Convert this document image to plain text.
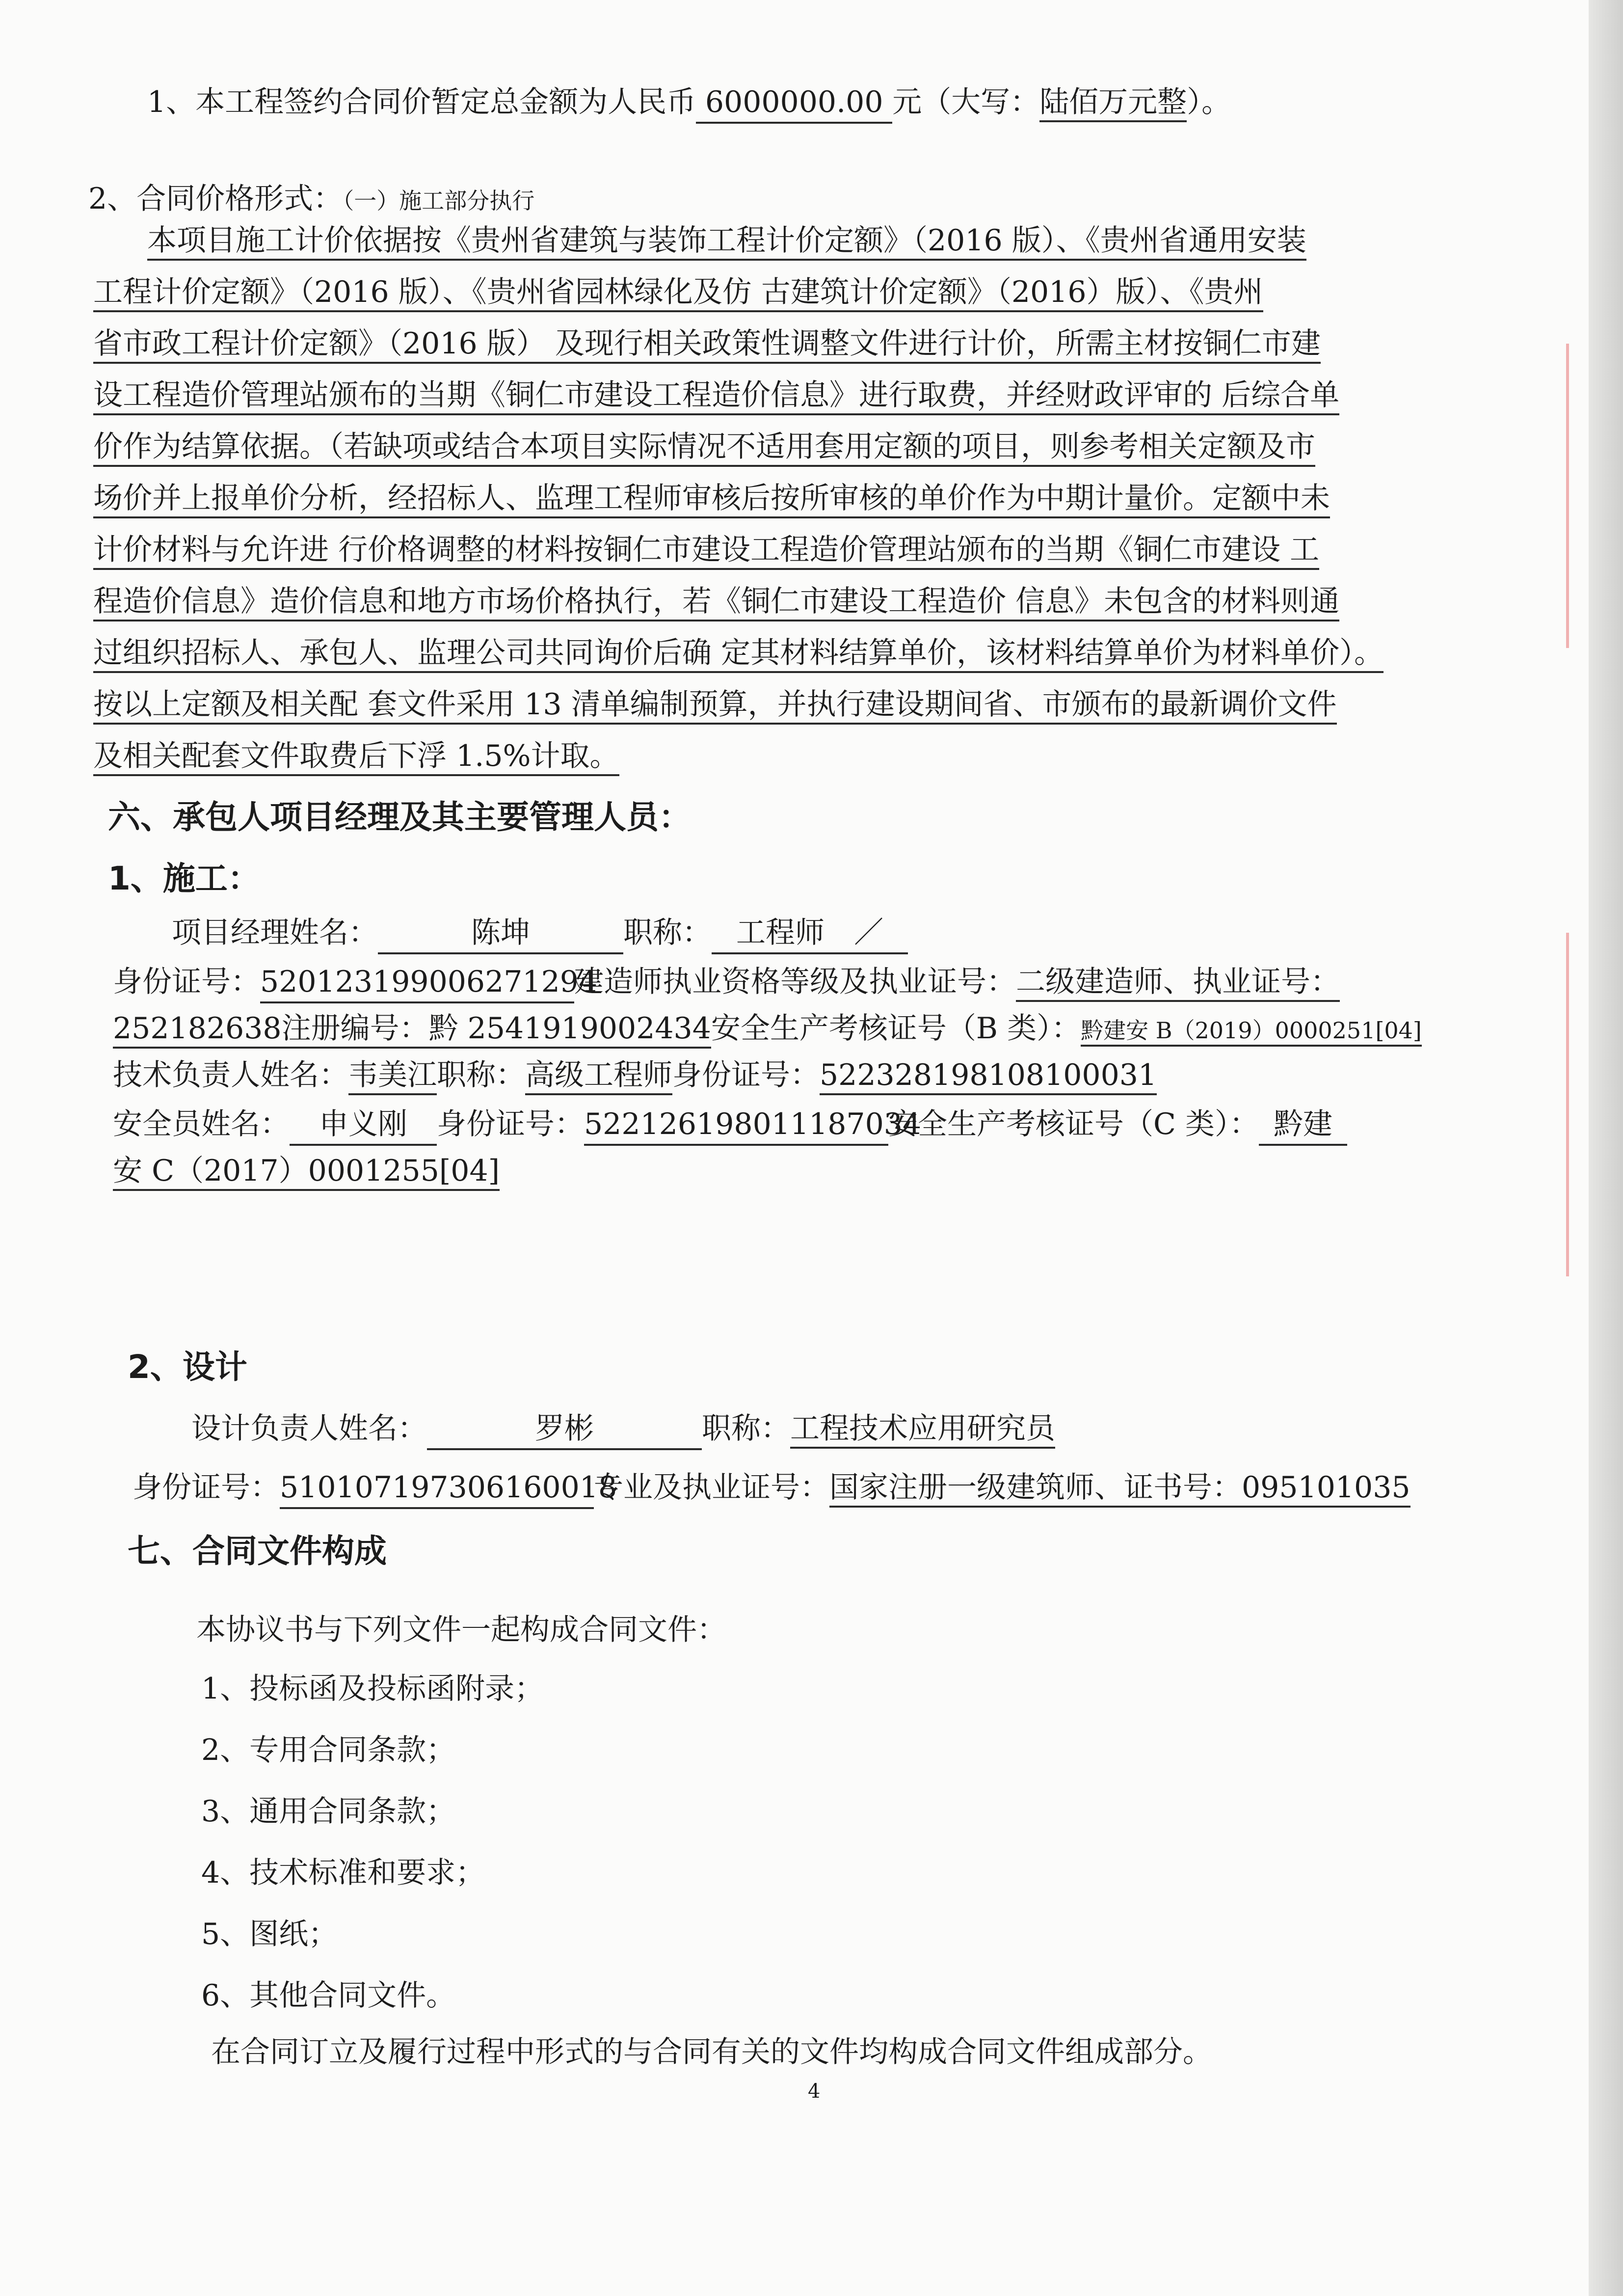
1、本工程签约合同价暂定总金额为人民币 6000000.00 元（大写：陆佰万元整）。
2、合同价格形式：（一）施工部分执行
本项目施工计价依据按《贵州省建筑与装饰工程计价定额》（2016 版）、《贵州省通用安装
工程计价定额》（2016 版）、《贵州省园林绿化及仿 古建筑计价定额》（2016）版）、《贵州
省市政工程计价定额》（2016 版） 及现行相关政策性调整文件进行计价，所需主材按铜仁市建
设工程造价管理站颁布的当期《铜仁市建设工程造价信息》进行取费，并经财政评审的 后综合单
价作为结算依据。（若缺项或结合本项目实际情况不适用套用定额的项目，则参考相关定额及市
场价并上报单价分析，经招标人、监理工程师审核后按所审核的单价作为中期计量价。定额中未
计价材料与允许进 行价格调整的材料按铜仁市建设工程造价管理站颁布的当期《铜仁市建设 工
程造价信息》造价信息和地方市场价格执行，若《铜仁市建设工程造价 信息》未包含的材料则通
过组织招标人、承包人、监理公司共同询价后确 定其材料结算单价，该材料结算单价为材料单价）。
按以上定额及相关配 套文件采用 13 清单编制预算，并执行建设期间省、市颁布的最新调价文件
及相关配套文件取费后下浮 1.5%计取。
六、承包人项目经理及其主要管理人员：
1、施工：
项目经理姓名：	陈坤	职称： 工程师　／
身份证号：520123199006271294建造师执业资格等级及执业证号：二级建造师、执业证号：
252182638注册编号：黔 2541919002434安全生产考核证号（B 类）：黔建安 B（2019）0000251[04]
技术负责人姓名：韦美江职称：高级工程师身份证号：522328198108100031
安全员姓名： 申义刚 身份证号：522126198011187034安全生产考核证号（C 类）： 黔建
安 C（2017）0001255[04]
2、设计
设计负责人姓名：	罗彬	职称：工程技术应用研究员
身份证号：510107197306160018专业及执业证号：国家注册一级建筑师、证书号：095101035
七、合同文件构成
本协议书与下列文件一起构成合同文件：
1、投标函及投标函附录；
2、专用合同条款；
3、通用合同条款；
4、技术标准和要求；
5、图纸；
6、其他合同文件。
在合同订立及履行过程中形式的与合同有关的文件均构成合同文件组成部分。
4
